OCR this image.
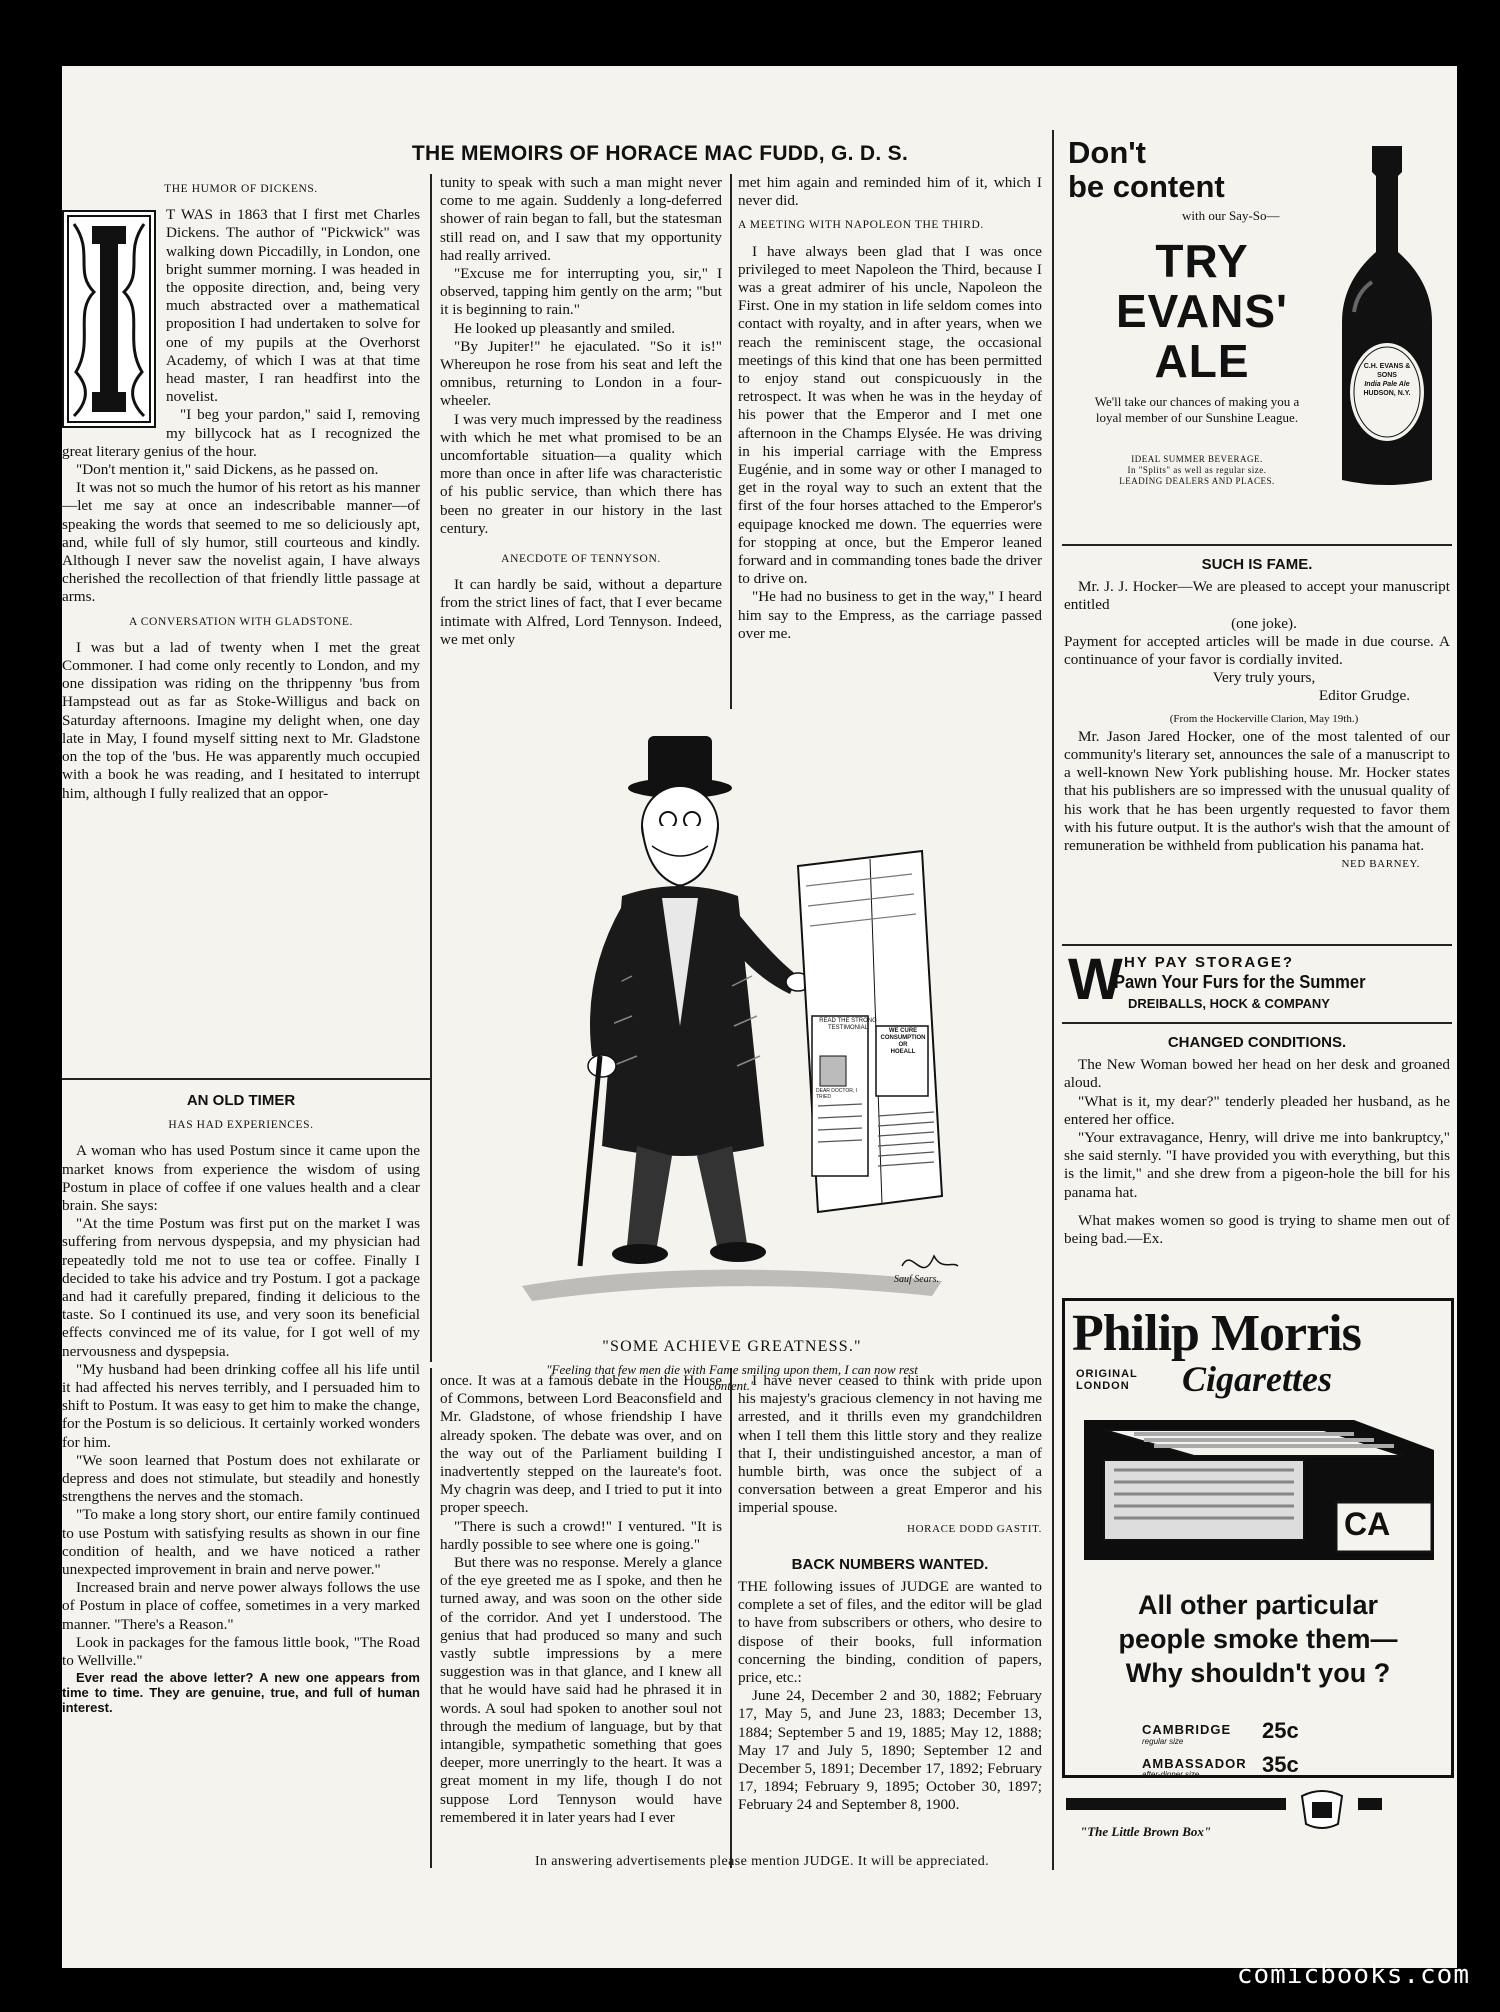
THE MEMOIRS OF HORACE MAC FUDD, G. D. S.
THE HUMOR OF DICKENS.

T WAS in 1863 that I first met Charles Dickens. The author of "Pickwick" was walking down Piccadilly, in London, one bright summer morning. I was headed in the opposite direction, and, being very much abstracted over a mathematical proposition I had undertaken to solve for one of my pupils at the Overhorst Academy, of which I was at that time head master, I ran headfirst into the novelist.

"I beg your pardon," said I, removing my billycock hat as I recognized the great literary genius of the hour.

"Don't mention it," said Dickens, as he passed on.

It was not so much the humor of his retort as his manner—let me say at once an indescribable manner—of speaking the words that seemed to me so deliciously apt, and, while full of sly humor, still courteous and kindly. Although I never saw the novelist again, I have always cherished the recollection of that friendly little passage at arms.

A CONVERSATION WITH GLADSTONE.

I was but a lad of twenty when I met the great Commoner. I had come only recently to London, and my one dissipation was riding on the thrippenny 'bus from Hampstead out as far as Stoke-Willigus and back on Saturday afternoons. Imagine my delight when, one day late in May, I found myself sitting next to Mr. Gladstone on the top of the 'bus. He was apparently much occupied with a book he was reading, and I hesitated to interrupt him, although I fully realized that an oppor-

tunity to speak with such a man might never come to me again. Suddenly a long-deferred shower of rain began to fall, but the statesman still read on, and I saw that my opportunity had really arrived.

"Excuse me for interrupting you, sir," I observed, tapping him gently on the arm; "but it is beginning to rain."

He looked up pleasantly and smiled.

"By Jupiter!" he ejaculated. "So it is!" Whereupon he rose from his seat and left the omnibus, returning to London in a four-wheeler.

I was very much impressed by the readiness with which he met what promised to be an uncomfortable situation—a quality which more than once in after life was characteristic of his public service, than which there has been no greater in our history in the last century.

ANECDOTE OF TENNYSON.

It can hardly be said, without a departure from the strict lines of fact, that I ever became intimate with Alfred, Lord Tennyson. Indeed, we met only

met him again and reminded him of it, which I never did.

A MEETING WITH NAPOLEON THE THIRD.

I have always been glad that I was once privileged to meet Napoleon the Third, because I was a great admirer of his uncle, Napoleon the First. One in my station in life seldom comes into contact with royalty, and in after years, when we reach the reminiscent stage, the occasional meetings of this kind that one has been permitted to enjoy stand out conspicuously in the retrospect. It was when he was in the heyday of his power that the Emperor and I met one afternoon in the Champs Elysée. He was driving in his imperial carriage with the Empress Eugénie, and in some way or other I managed to get in the royal way to such an extent that the first of the four horses attached to the Emperor's equipage knocked me down. The equerries were for stopping at once, but the Emperor leaned forward and in commanding tones bade the driver to drive on.

"He had no business to get in the way," I heard him say to the Empress, as the carriage passed over me.

READ THE STRONG
TESTIMONIAL	WE CURE
CONSUMPTION
OR
HOEALL
DEAR DOCTOR, I TRIED
Sauf Sears.
"SOME ACHIEVE GREATNESS."
"Feeling that few men die with Fame smiling upon them, I can now rest content."
AN OLD TIMER
HAS HAD EXPERIENCES.

A woman who has used Postum since it came upon the market knows from experience the wisdom of using Postum in place of coffee if one values health and a clear brain. She says:

"At the time Postum was first put on the market I was suffering from nervous dyspepsia, and my physician had repeatedly told me not to use tea or coffee. Finally I decided to take his advice and try Postum. I got a package and had it carefully prepared, finding it delicious to the taste. So I continued its use, and very soon its beneficial effects convinced me of its value, for I got well of my nervousness and dyspepsia.

"My husband had been drinking coffee all his life until it had affected his nerves terribly, and I persuaded him to shift to Postum. It was easy to get him to make the change, for the Postum is so delicious. It certainly worked wonders for him.

"We soon learned that Postum does not exhilarate or depress and does not stimulate, but steadily and honestly strengthens the nerves and the stomach.

"To make a long story short, our entire family continued to use Postum with satisfying results as shown in our fine condition of health, and we have noticed a rather unexpected improvement in brain and nerve power."

Increased brain and nerve power always follows the use of Postum in place of coffee, sometimes in a very marked manner. "There's a Reason."

Look in packages for the famous little book, "The Road to Wellville."

Ever read the above letter? A new one appears from time to time. They are genuine, true, and full of human interest.

once. It was at a famous debate in the House of Commons, between Lord Beaconsfield and Mr. Gladstone, of whose friendship I have already spoken. The debate was over, and on the way out of the Parliament building I inadvertently stepped on the laureate's foot. My chagrin was deep, and I tried to put it into proper speech.

"There is such a crowd!" I ventured. "It is hardly possible to see where one is going."

But there was no response. Merely a glance of the eye greeted me as I spoke, and then he turned away, and was soon on the other side of the corridor. And yet I understood. The genius that had produced so many and such vastly subtle impressions by a mere suggestion was in that glance, and I knew all that he would have said had he phrased it in words. A soul had spoken to another soul not through the medium of language, but by that intangible, sympathetic something that goes deeper, more unerringly to the heart. It was a great moment in my life, though I do not suppose Lord Tennyson would have remembered it in later years had I ever

I have never ceased to think with pride upon his majesty's gracious clemency in not having me arrested, and it thrills even my grandchildren when I tell them this little story and they realize that I, their undistinguished ancestor, a man of humble birth, was once the subject of a conversation between a great Emperor and his imperial spouse.

HORACE DODD GASTIT.
BACK NUMBERS WANTED.

THE following issues of JUDGE are wanted to complete a set of files, and the editor will be glad to have from subscribers or others, who desire to dispose of their books, full information concerning the binding, condition of papers, price, etc.:

June 24, December 2 and 30, 1882; February 17, May 5, and June 23, 1883; December 13, 1884; September 5 and 19, 1885; May 12, 1888; May 17 and July 5, 1890; September 12 and December 5, 1891; December 17, 1892; February 17, 1894; February 9, 1895; October 30, 1897; February 24 and September 8, 1900.

Don't
be content
with our Say-So—
TRY
EVANS'
ALE
We'll take our chances of making you a loyal member of our Sunshine League.
IDEAL SUMMER BEVERAGE.
In "Splits" as well as regular size.
LEADING DEALERS AND PLACES.
C.H. EVANS & SONS
India Pale Ale
HUDSON, N.Y.
SUCH IS FAME.

Mr. J. J. Hocker—We are pleased to accept your manuscript entitled

(one joke).

Payment for accepted articles will be made in due course. A continuance of your favor is cordially invited.

Very truly yours,

Editor Grudge.

(From the Hockerville Clarion, May 19th.)

Mr. Jason Jared Hocker, one of the most talented of our community's literary set, announces the sale of a manuscript to a well-known New York publishing house. Mr. Hocker states that his publishers are so impressed with the unusual quality of his work that he has been urgently requested to favor them with his future output. It is the author's wish that the amount of remuneration be withheld from publication his panama hat.

NED BARNEY.
W HY PAY STORAGE?
Pawn Your Furs for the Summer
DREIBALLS, HOCK & COMPANY
CHANGED CONDITIONS.

The New Woman bowed her head on her desk and groaned aloud.

"What is it, my dear?" tenderly pleaded her husband, as he entered her office.

"Your extravagance, Henry, will drive me into bankruptcy," she said sternly. "I have provided you with everything, but this is the limit," and she drew from a pigeon-hole the bill for his panama hat.

What makes women so good is trying to shame men out of being bad.—Ex.

Philip Morris
ORIGINAL
LONDON Cigarettes
CA
All other particular
people smoke them—
Why shouldn't you ?
CAMBRIDGE
regular size	25c
AMBASSADOR
after-dinner size	35c
"The Little Brown Box"
In answering advertisements please mention JUDGE. It will be appreciated.
comicbooks.com
